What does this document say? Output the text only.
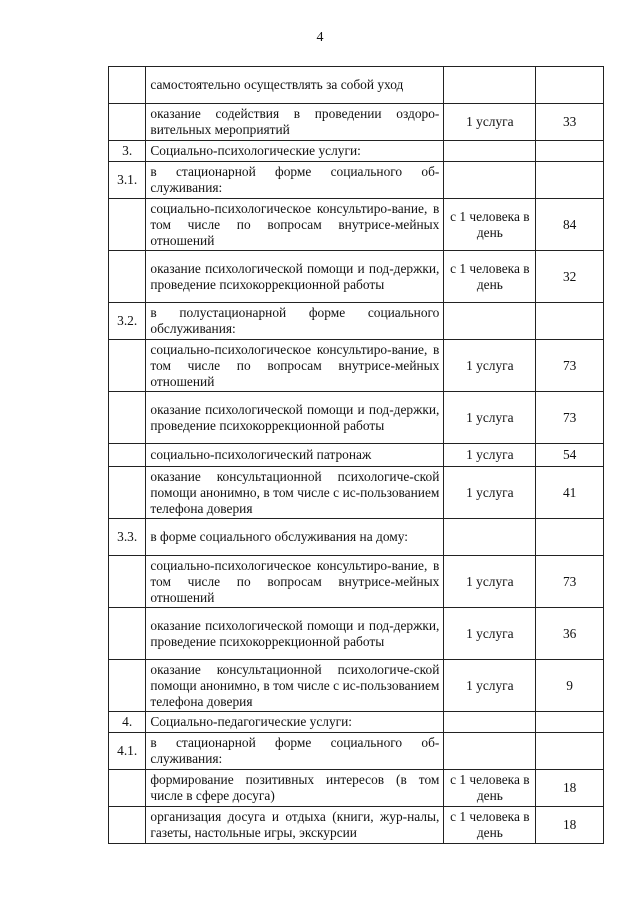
4
	самостоятельно осуществлять за собой уход		
	оказание содействия в проведении оздоро-вительных мероприятий	1 услуга	33
3.	Социально-психологические услуги:		
3.1.	в стационарной форме социального об-служивания:		
	социально-психологическое консультиро-вание, в том числе по вопросам внутрисе-мейных отношений	с 1 человека в день	84
	оказание психологической помощи и под-держки, проведение психокоррекционной работы	с 1 человека в день	32
3.2.	в полустационарной форме социального обслуживания:		
	социально-психологическое консультиро-вание, в том числе по вопросам внутрисе-мейных отношений	1 услуга	73
	оказание психологической помощи и под-держки, проведение психокоррекционной работы	1 услуга	73
	социально-психологический патронаж	1 услуга	54
	оказание консультационной психологиче-ской помощи анонимно, в том числе с ис-пользованием телефона доверия	1 услуга	41
3.3.	в форме социального обслуживания на дому:		
	социально-психологическое консультиро-вание, в том числе по вопросам внутрисе-мейных отношений	1 услуга	73
	оказание психологической помощи и под-держки, проведение психокоррекционной работы	1 услуга	36
	оказание консультационной психологиче-ской помощи анонимно, в том числе с ис-пользованием телефона доверия	1 услуга	9
4.	Социально-педагогические услуги:		
4.1.	в стационарной форме социального об-служивания:		
	формирование позитивных интересов (в том числе в сфере досуга)	с 1 человека в день	18
	организация досуга и отдыха (книги, жур-налы, газеты, настольные игры, экскурсии	с 1 человека в день	18
